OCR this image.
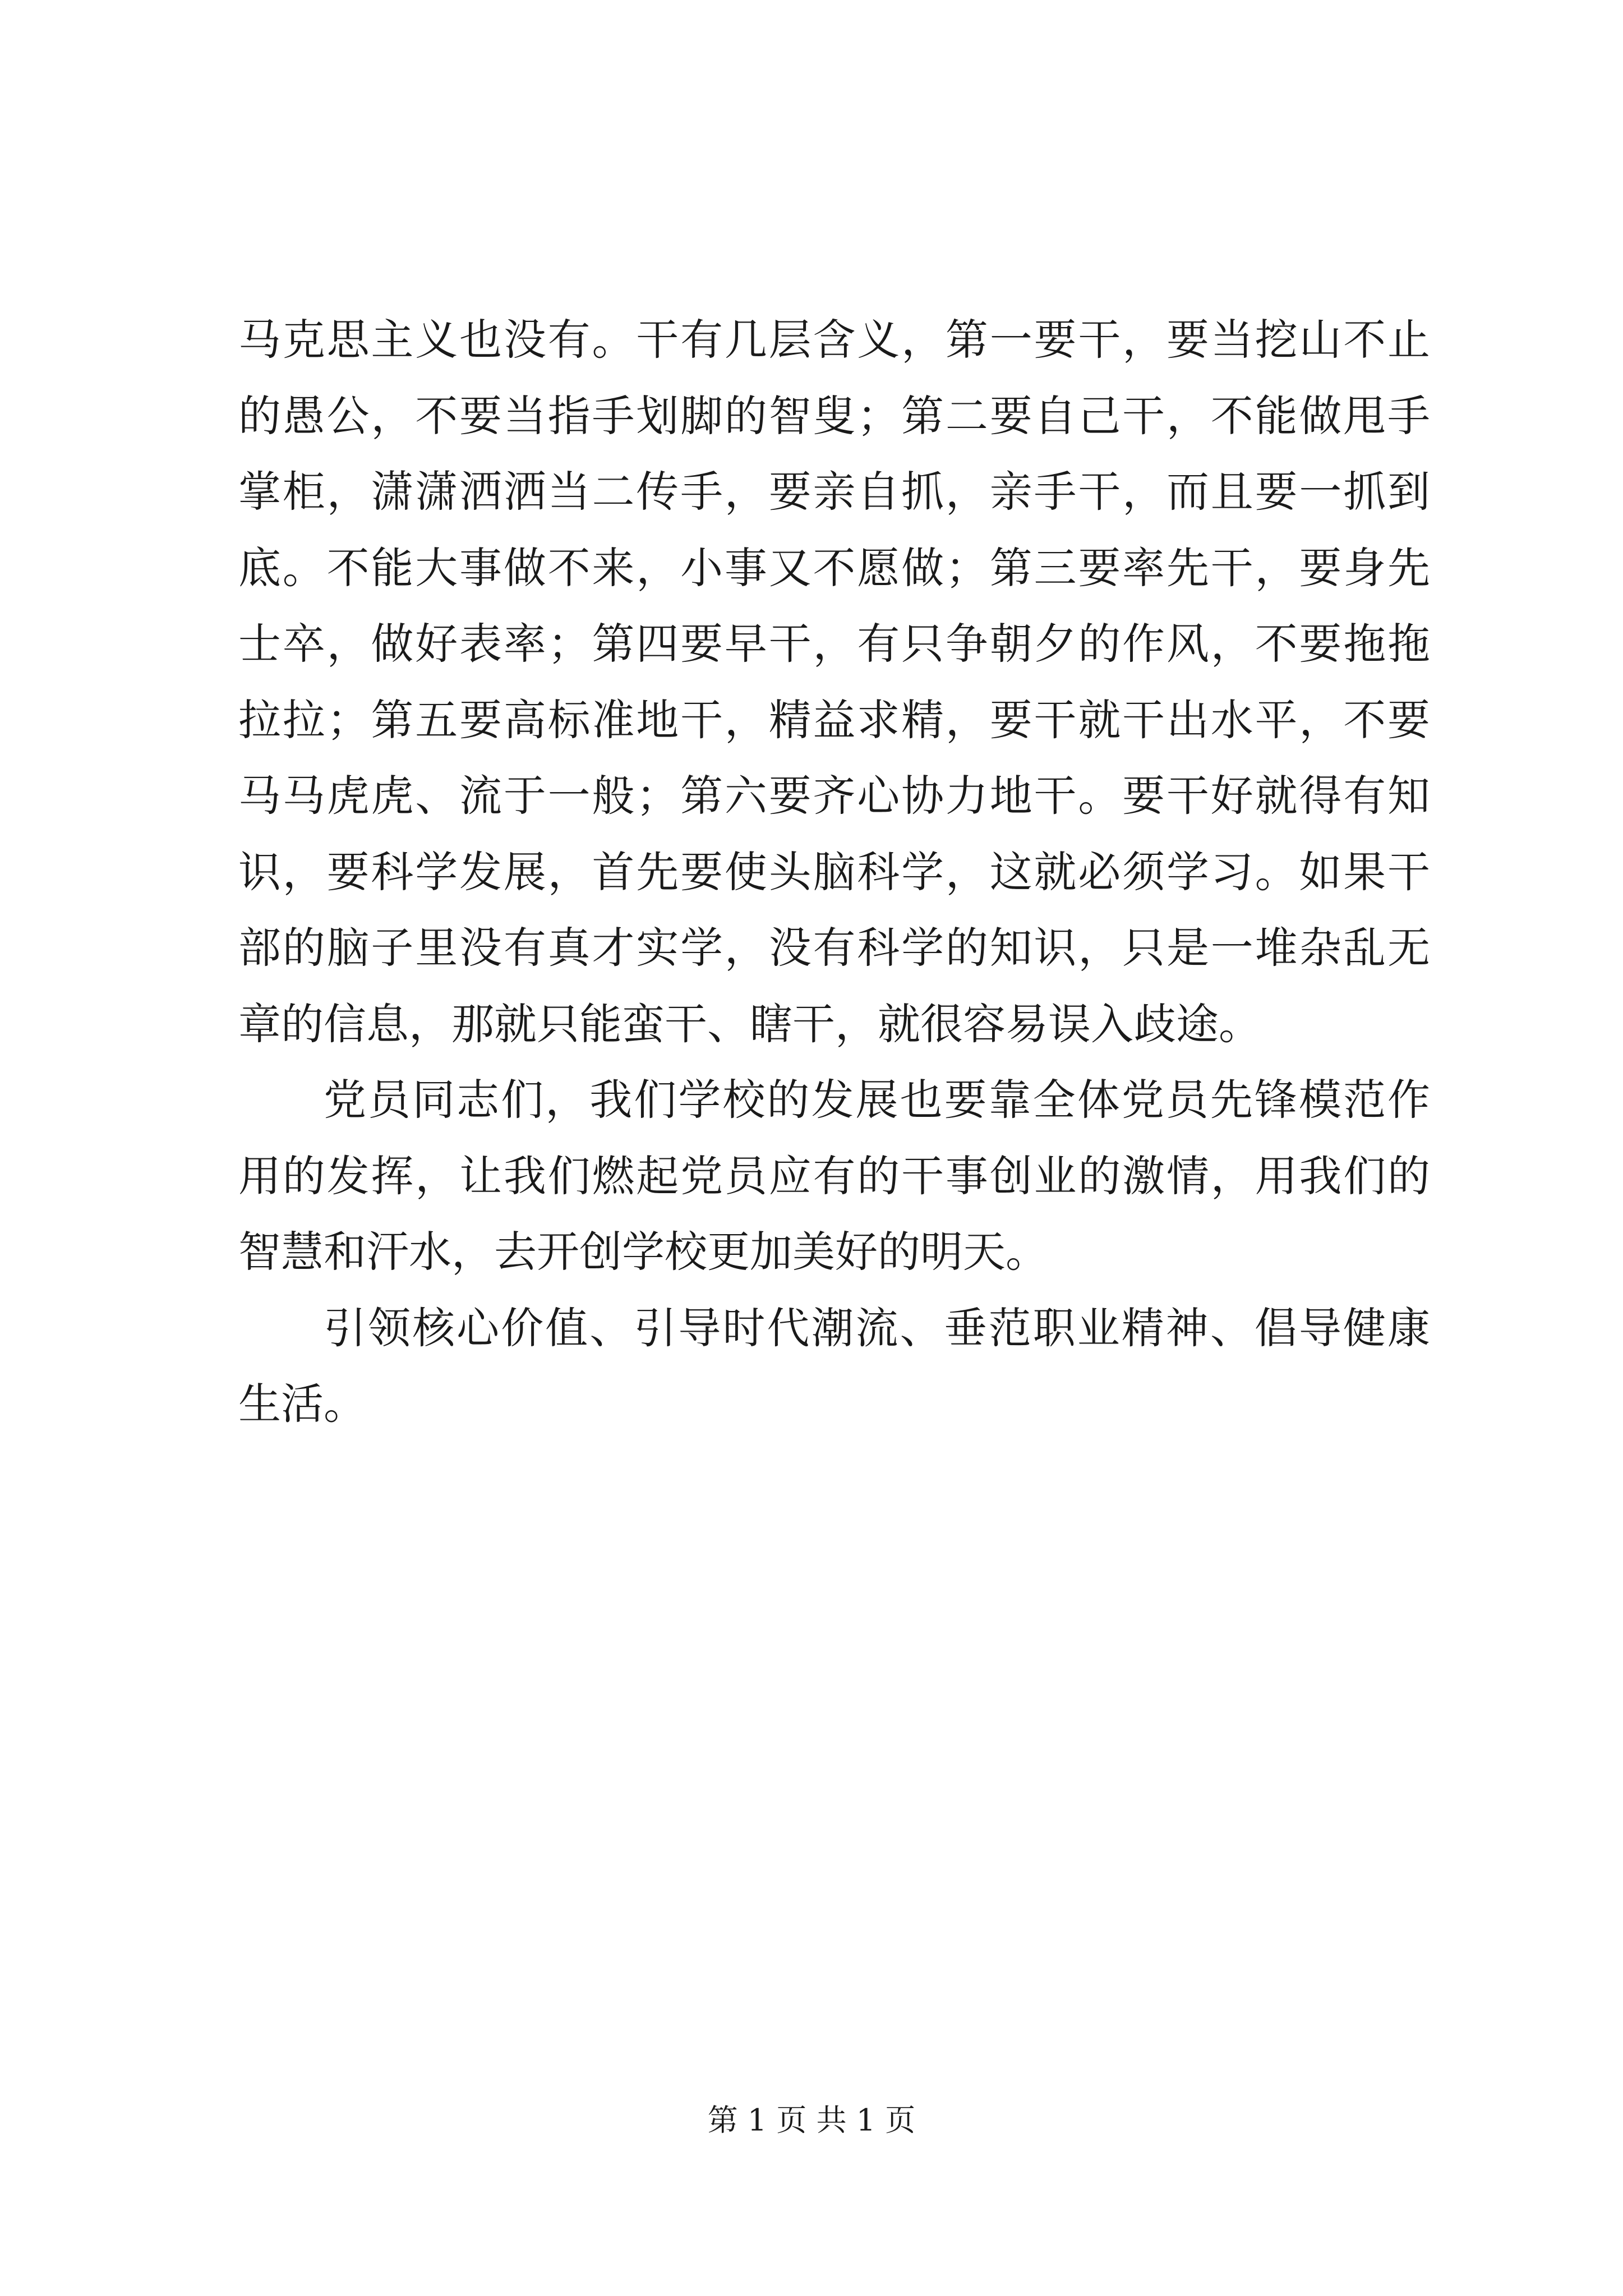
马克思主义也没有。干有几层含义，第一要干，要当挖山不止的愚公，不要当指手划脚的智叟；第二要自己干，不能做甩手掌柜，潇潇洒洒当二传手，要亲自抓，亲手干，而且要一抓到底。不能大事做不来，小事又不愿做；第三要率先干，要身先士卒，做好表率；第四要早干，有只争朝夕的作风，不要拖拖拉拉；第五要高标准地干，精益求精，要干就干出水平，不要马马虎虎、流于一般；第六要齐心协力地干。要干好就得有知识，要科学发展，首先要使头脑科学，这就必须学习。如果干部的脑子里没有真才实学，没有科学的知识，只是一堆杂乱无章的信息，那就只能蛮干、瞎干，就很容易误入歧途。

党员同志们，我们学校的发展也要靠全体党员先锋模范作用的发挥，让我们燃起党员应有的干事创业的激情，用我们的智慧和汗水，去开创学校更加美好的明天。

引领核心价值、引导时代潮流、垂范职业精神、倡导健康生活。

第 1 页 共 1 页
